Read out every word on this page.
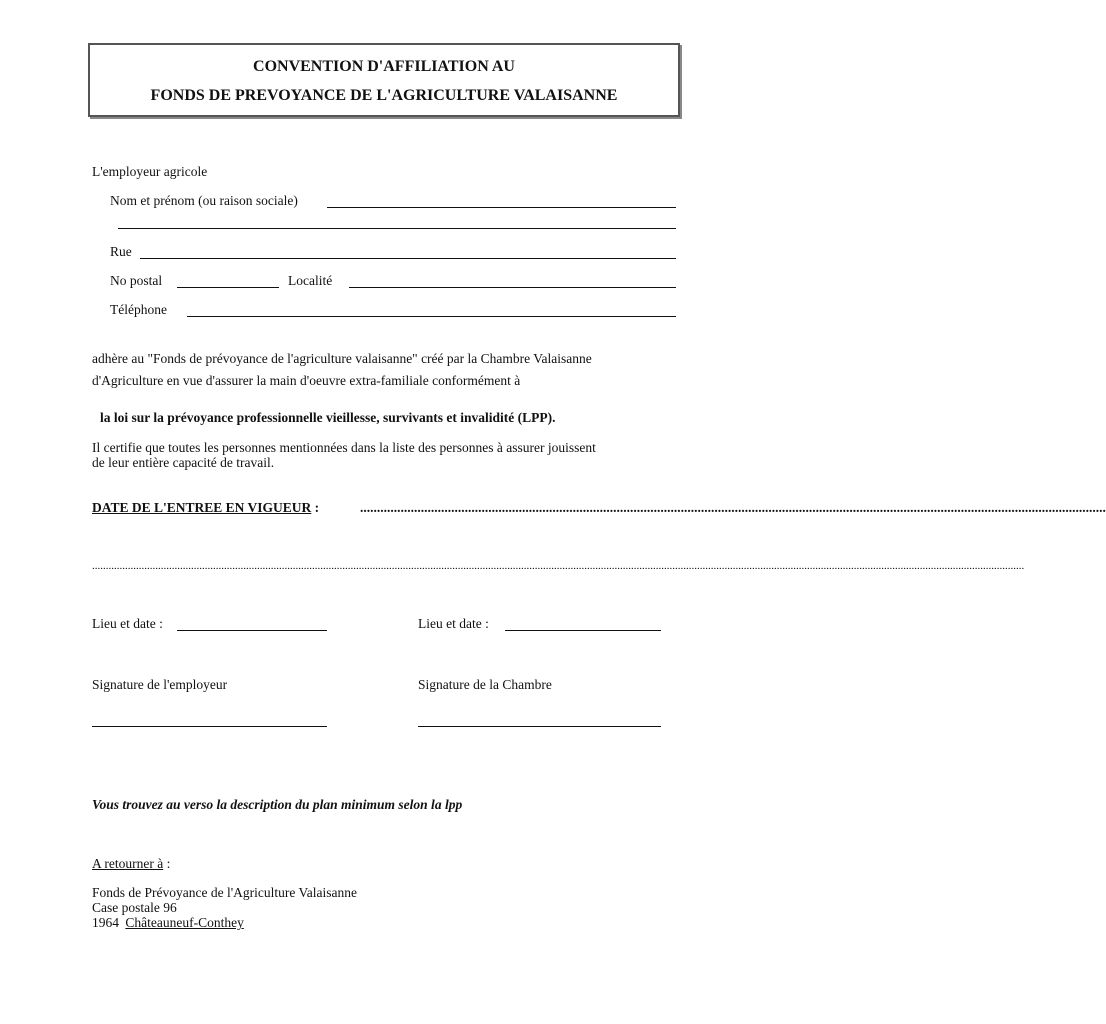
CONVENTION D'AFFILIATION AU
FONDS DE PREVOYANCE DE L'AGRICULTURE VALAISANNE
L'employeur agricole
Nom et prénom (ou raison sociale)
Rue
No postal	Localité
Téléphone
adhère au "Fonds de prévoyance de l'agriculture valaisanne" créé par la Chambre Valaisanne
d'Agriculture en vue d'assurer la main d'oeuvre extra-familiale conformément à
la loi sur la prévoyance professionnelle vieillesse, survivants et invalidité (LPP).
Il certifie que toutes les personnes mentionnées dans la liste des personnes à assurer jouissent
de leur entière capacité de travail.
DATE DE L'ENTREE EN VIGUEUR :	.............................................................................................................................................................................................................................
...................................................................................................................................................................................................................................................................................................................................................
Lieu et date :	Lieu et date :
Signature de l'employeur	Signature de la Chambre
Vous trouvez au verso la description du plan minimum selon la lpp
A retourner à :
Fonds de Prévoyance de l'Agriculture Valaisanne
Case postale 96
1964 Châteauneuf-Conthey
